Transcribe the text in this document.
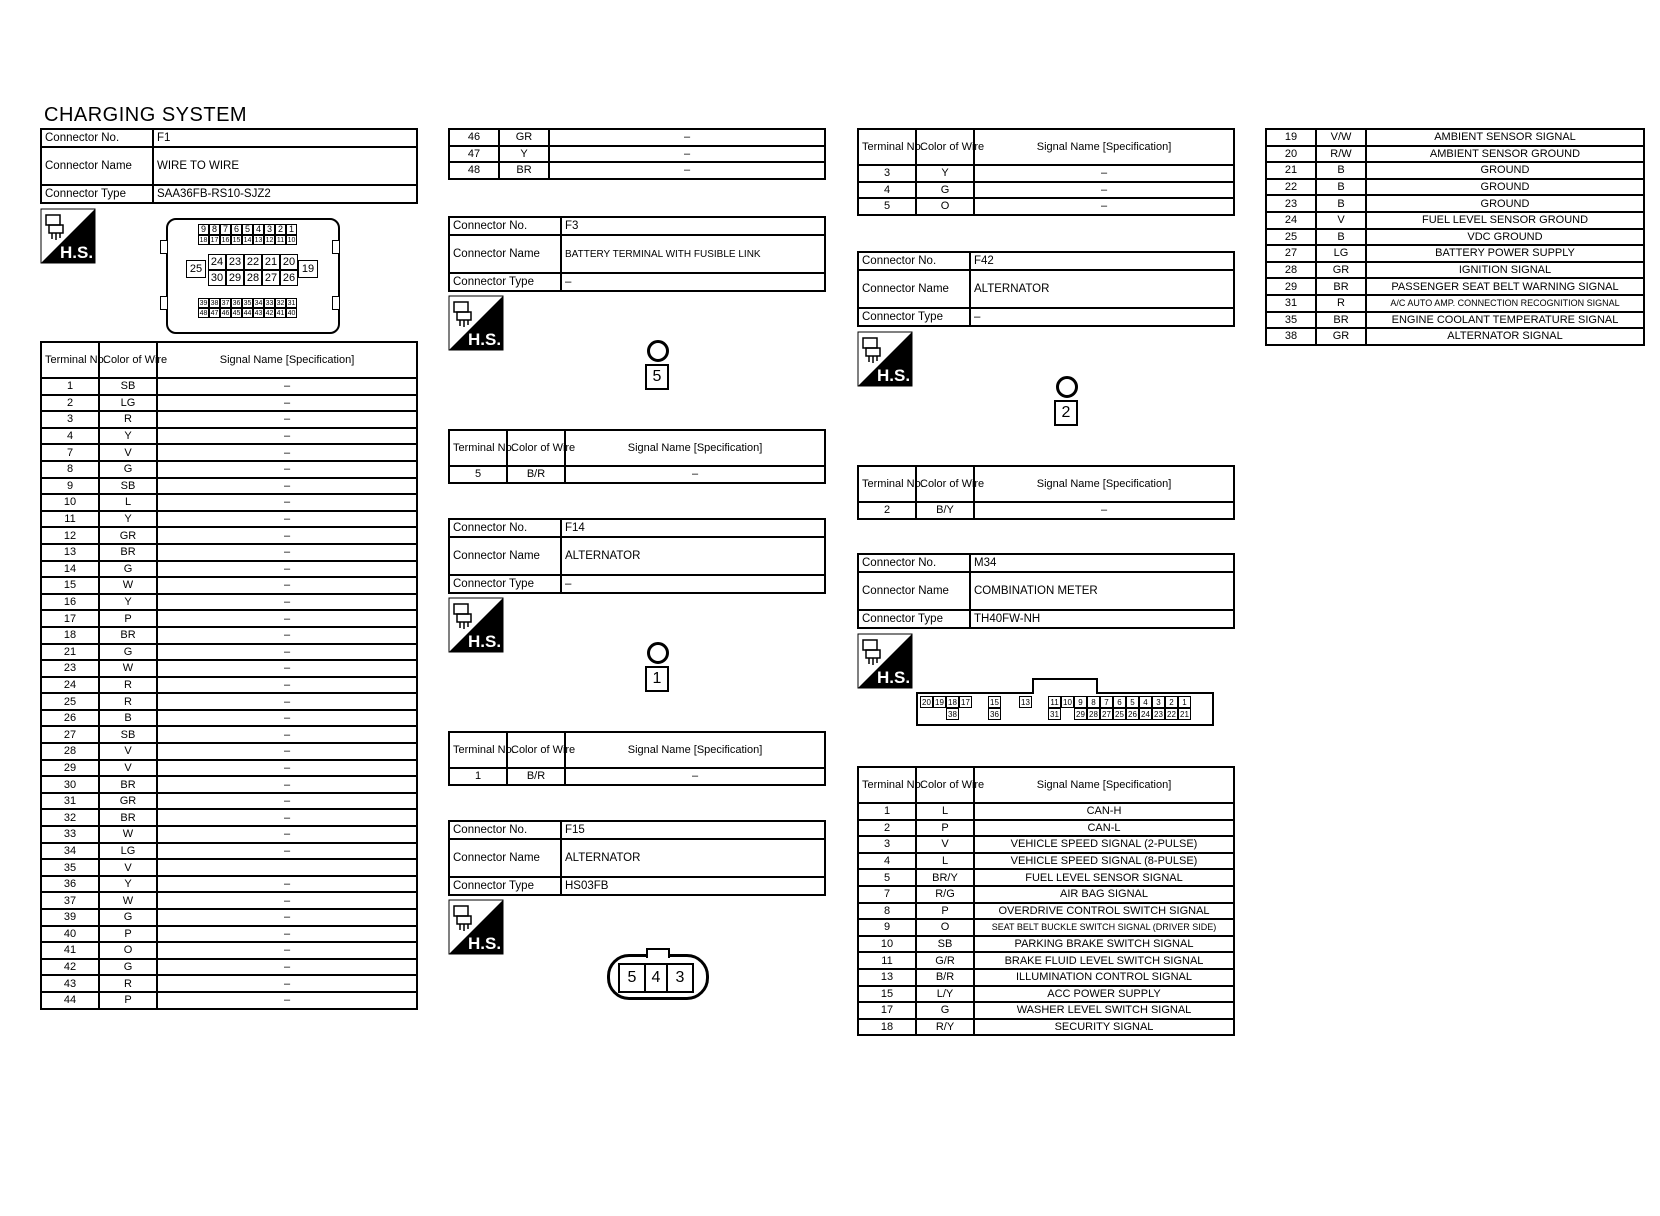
CHARGING SYSTEM
Connector No.	F1
Connector Name	WIRE TO WIRE
Connector Type	SAA36FB-RS10-SJZ2
H.S.
9 8 7 6 5 4 3 2 1
18 17 16 15 14 13 12 11 10
24 23 22 21 20
30 29 28 27 26
25	19
39 38 37 36 35 34 33 32 31
48 47 46 45 44 43 42 41 40
Terminal No.	Color of Wire	Signal Name [Specification]
1	SB	–
2	LG	–
3	R	–
4	Y	–
7	V	–
8	G	–
9	SB	–
10	L	–
11	Y	–
12	GR	–
13	BR	–
14	G	–
15	W	–
16	Y	–
17	P	–
18	BR	–
21	G	–
23	W	–
24	R	–
25	R	–
26	B	–
27	SB	–
28	V	–
29	V	–
30	BR	–
31	GR	–
32	BR	–
33	W	–
34	LG	–
35	V	
36	Y	–
37	W	–
39	G	–
40	P	–
41	O	–
42	G	–
43	R	–
44	P	–
46	GR	–
47	Y	–
48	BR	–
Connector No.	F3
Connector Name	BATTERY TERMINAL WITH FUSIBLE LINK
Connector Type	–
H.S.
5
Terminal No.	Color of Wire	Signal Name [Specification]
5	B/R	–
Connector No.	F14
Connector Name	ALTERNATOR
Connector Type	–
H.S.
1
Terminal No.	Color of Wire	Signal Name [Specification]
1	B/R	–
Connector No.	F15
Connector Name	ALTERNATOR
Connector Type	HS03FB
H.S.
5 4 3
Terminal No.	Color of Wire	Signal Name [Specification]
3	Y	–
4	G	–
5	O	–
Connector No.	F42
Connector Name	ALTERNATOR
Connector Type	–
H.S.
2
Terminal No.	Color of Wire	Signal Name [Specification]
2	B/Y	–
Connector No.	M34
Connector Name	COMBINATION METER
Connector Type	TH40FW-NH
H.S.
20 19 18 17	15	13	11 10 9	8	7	6	5	4	3	2	1
38	36	31 29 28 27 25 26 24 23 22 21
Terminal No.	Color of Wire	Signal Name [Specification]
1	L	CAN-H
2	P	CAN-L
3	V	VEHICLE SPEED SIGNAL (2-PULSE)
4	L	VEHICLE SPEED SIGNAL (8-PULSE)
5	BR/Y	FUEL LEVEL SENSOR SIGNAL
7	R/G	AIR BAG SIGNAL
8	P	OVERDRIVE CONTROL SWITCH SIGNAL
9	O	SEAT BELT BUCKLE SWITCH SIGNAL (DRIVER SIDE)
10	SB	PARKING BRAKE SWITCH SIGNAL
11	G/R	BRAKE FLUID LEVEL SWITCH SIGNAL
13	B/R	ILLUMINATION CONTROL SIGNAL
15	L/Y	ACC POWER SUPPLY
17	G	WASHER LEVEL SWITCH SIGNAL
18	R/Y	SECURITY SIGNAL
19	V/W	AMBIENT SENSOR SIGNAL
20	R/W	AMBIENT SENSOR GROUND
21	B	GROUND
22	B	GROUND
23	B	GROUND
24	V	FUEL LEVEL SENSOR GROUND
25	B	VDC GROUND
27	LG	BATTERY POWER SUPPLY
28	GR	IGNITION SIGNAL
29	BR	PASSENGER SEAT BELT WARNING SIGNAL
31	R	A/C AUTO AMP. CONNECTION RECOGNITION SIGNAL
35	BR	ENGINE COOLANT TEMPERATURE SIGNAL
38	GR	ALTERNATOR SIGNAL
